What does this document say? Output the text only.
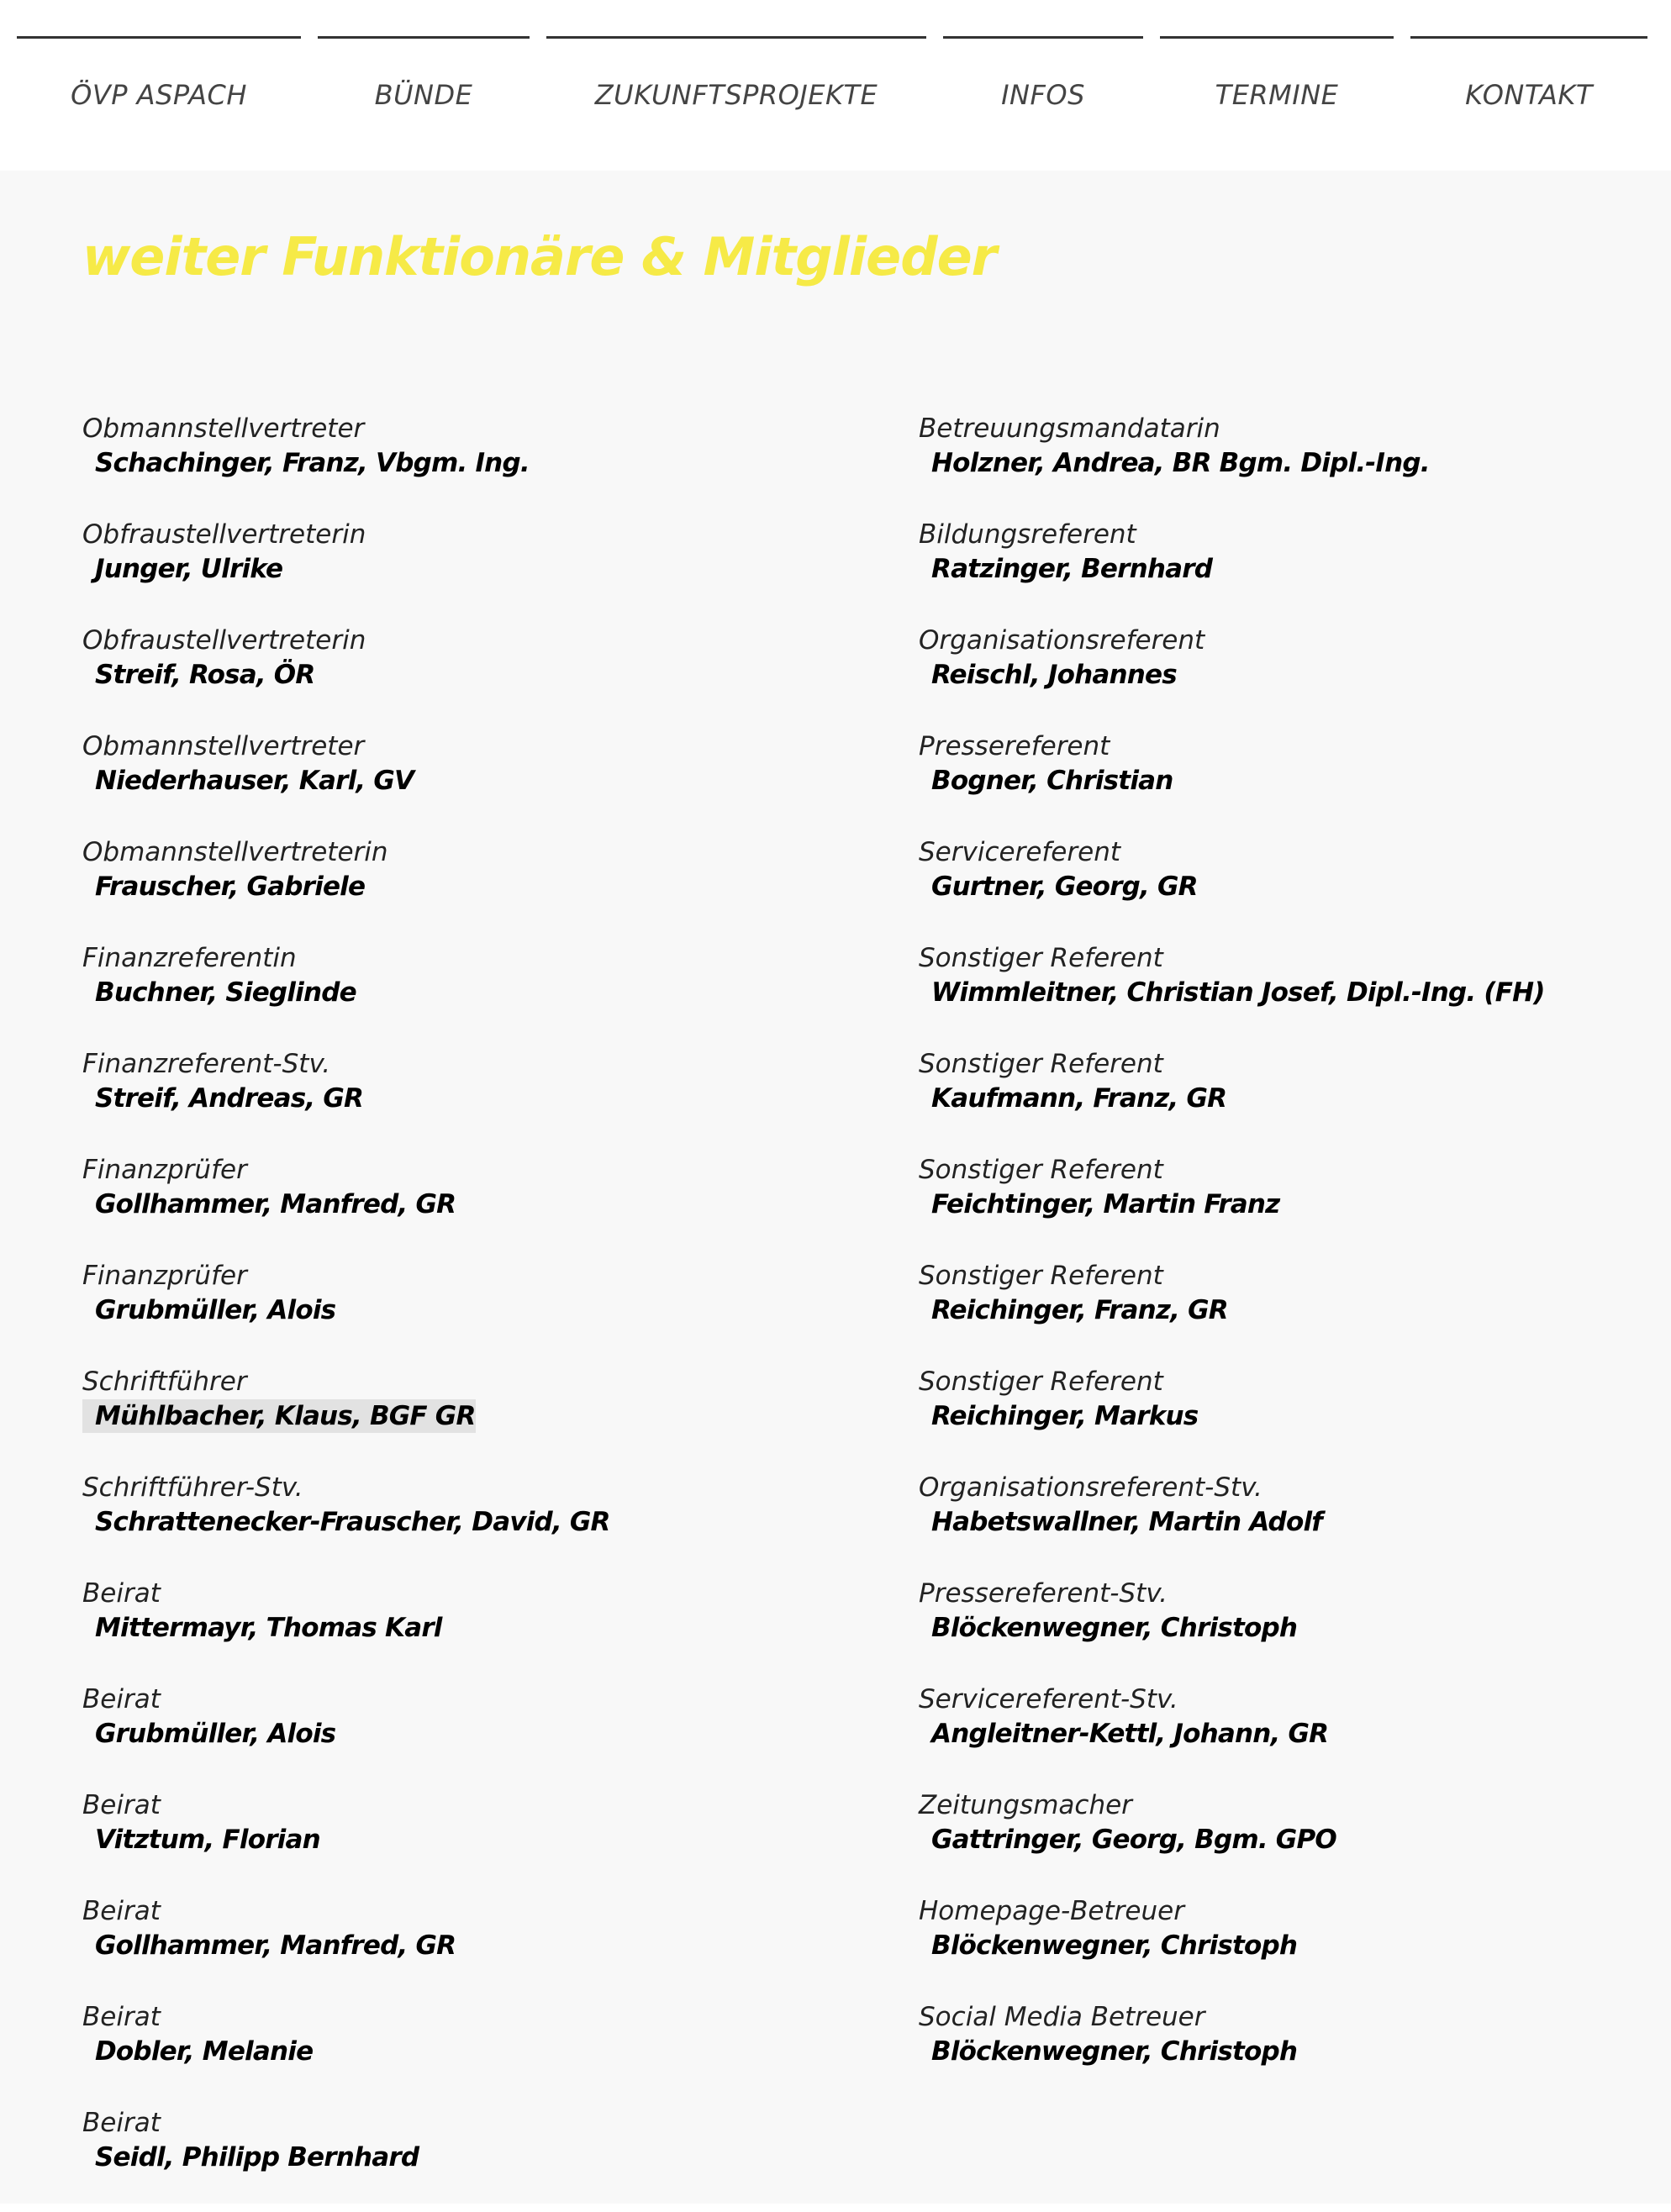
ÖVP ASPACH	BÜNDE	ZUKUNFTSPROJEKTE	INFOS	TERMINE	KONTAKT
weiter Funktionäre & Mitglieder
Obmannstellvertreter
Schachinger, Franz, Vbgm. Ing.
Obfraustellvertreterin
Junger, Ulrike
Obfraustellvertreterin
Streif, Rosa, ÖR
Obmannstellvertreter
Niederhauser, Karl, GV
Obmannstellvertreterin
Frauscher, Gabriele
Finanzreferentin
Buchner, Sieglinde
Finanzreferent-Stv.
Streif, Andreas, GR
Finanzprüfer
Gollhammer, Manfred, GR
Finanzprüfer
Grubmüller, Alois
Schriftführer
Mühlbacher, Klaus, BGF GR
Schriftführer-Stv.
Schrattenecker-Frauscher, David, GR
Beirat
Mittermayr, Thomas Karl
Beirat
Grubmüller, Alois
Beirat
Vitztum, Florian
Beirat
Gollhammer, Manfred, GR
Beirat
Dobler, Melanie
Beirat
Seidl, Philipp Bernhard
Betreuungsmandatarin
Holzner, Andrea, BR Bgm. Dipl.-Ing.
Bildungsreferent
Ratzinger, Bernhard
Organisationsreferent
Reischl, Johannes
Pressereferent
Bogner, Christian
Servicereferent
Gurtner, Georg, GR
Sonstiger Referent
Wimmleitner, Christian Josef, Dipl.-Ing. (FH)
Sonstiger Referent
Kaufmann, Franz, GR
Sonstiger Referent
Feichtinger, Martin Franz
Sonstiger Referent
Reichinger, Franz, GR
Sonstiger Referent
Reichinger, Markus
Organisationsreferent-Stv.
Habetswallner, Martin Adolf
Pressereferent-Stv.
Blöckenwegner, Christoph
Servicereferent-Stv.
Angleitner-Kettl, Johann, GR
Zeitungsmacher
Gattringer, Georg, Bgm. GPO
Homepage-Betreuer
Blöckenwegner, Christoph
Social Media Betreuer
Blöckenwegner, Christoph
